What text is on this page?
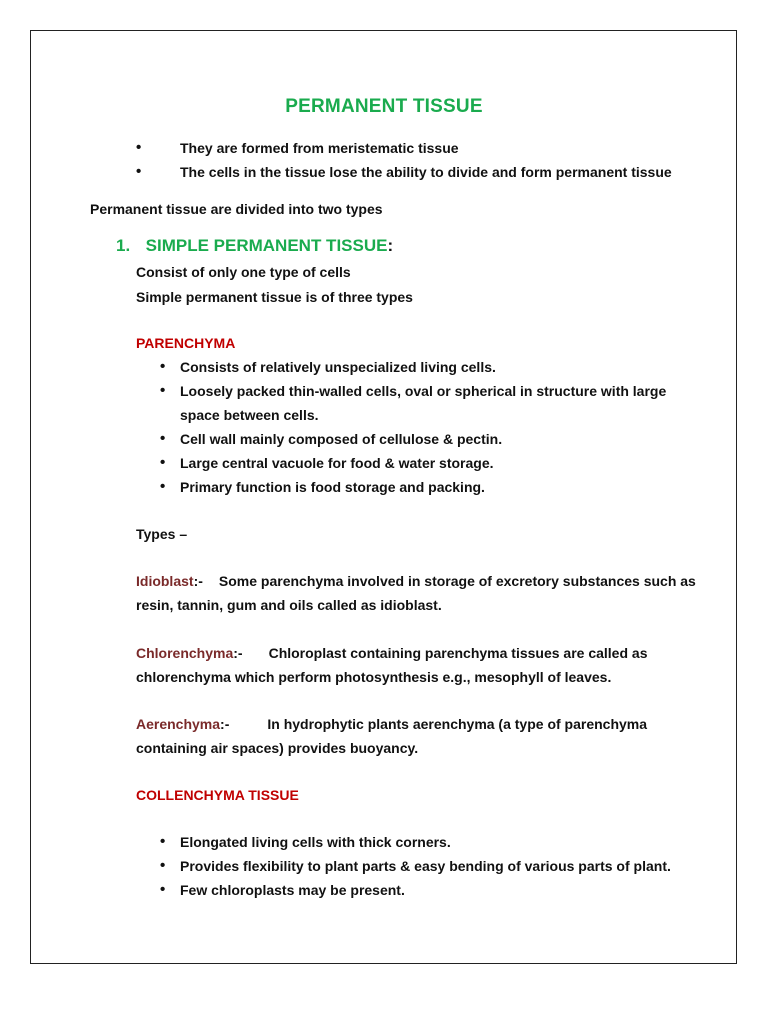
PERMANENT TISSUE
• They are formed from meristematic tissue
• The cells in the tissue lose the ability to divide and form permanent tissue
Permanent tissue are divided into two types
1. SIMPLE PERMANENT TISSUE:
Consist of only one type of cells
Simple permanent tissue is of three types
PARENCHYMA
• Consists of relatively unspecialized living cells.
• Loosely packed thin-walled cells, oval or spherical in structure with large space between cells.
• Cell wall mainly composed of cellulose & pectin.
• Large central vacuole for food & water storage.
• Primary function is food storage and packing.
Types –
Idioblast:- Some parenchyma involved in storage of excretory substances such as resin, tannin, gum and oils called as idioblast.
Chlorenchyma:- Chloroplast containing parenchyma tissues are called as chlorenchyma which perform photosynthesis e.g., mesophyll of leaves.
Aerenchyma:-	In hydrophytic plants aerenchyma (a type of parenchyma containing air spaces) provides buoyancy.
COLLENCHYMA TISSUE
• Elongated living cells with thick corners.
• Provides flexibility to plant parts & easy bending of various parts of plant.
• Few chloroplasts may be present.
